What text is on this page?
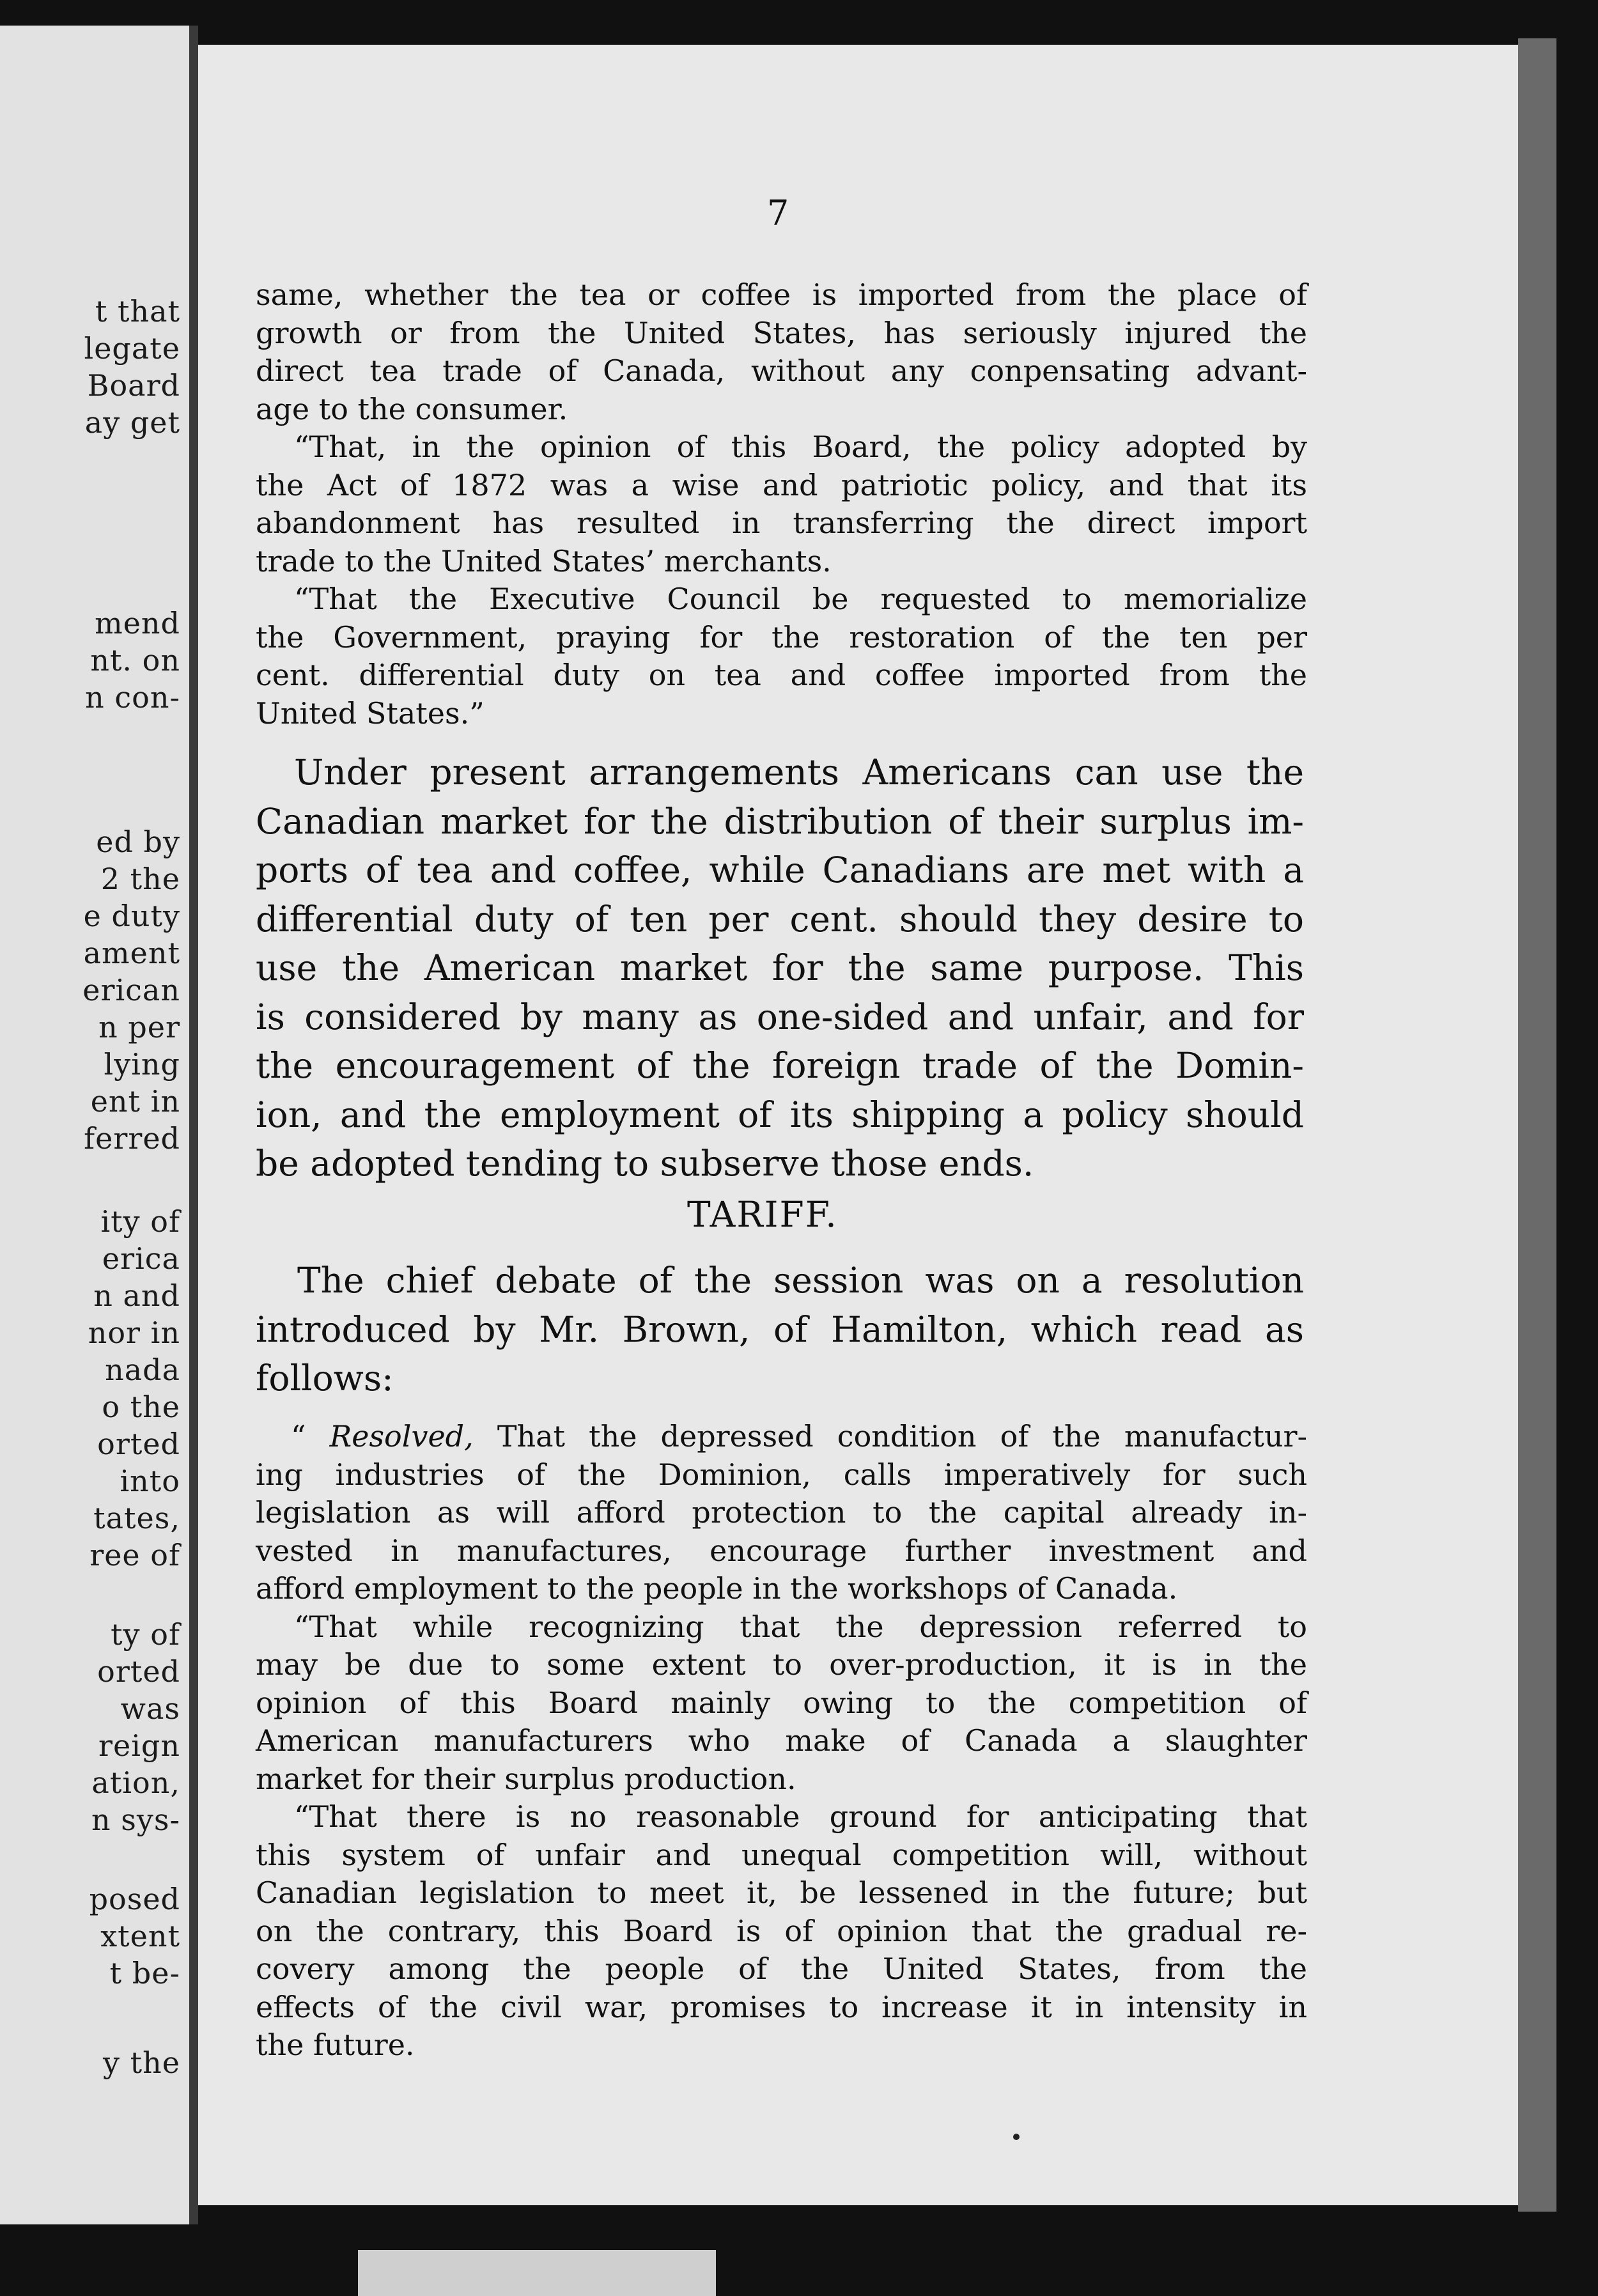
t that
legate
Board
ay get
mend
nt. on
n con-
ed by
2 the
e duty
ament
erican
n per
lying
ent in
ferred
ity of
erica
n and
nor in
nada
o the
orted
into
tates,
ree of
ty of
orted
was
reign
ation,
n sys-
posed
xtent
t be-
y the
7
same, whether the tea or coffee is imported from the place of
growth or from the United States, has seriously injured the
direct tea trade of Canada, without any conpensating advant-
age to the consumer.
“That, in the opinion of this Board, the policy adopted by
the Act of 1872 was a wise and patriotic policy, and that its
abandonment has resulted in transferring the direct import
trade to the United States’ merchants.
“That the Executive Council be requested to memorialize
the Government, praying for the restoration of the ten per
cent. differential duty on tea and coffee imported from the
United States.”
Under present arrangements Americans can use the
Canadian market for the distribution of their surplus im-
ports of tea and coffee, while Canadians are met with a
differential duty of ten per cent. should they desire to
use the American market for the same purpose. This
is considered by many as one-sided and unfair, and for
the encouragement of the foreign trade of the Domin-
ion, and the employment of its shipping a policy should
be adopted tending to subserve those ends.
TARIFF.
The chief debate of the session was on a resolution
introduced by Mr. Brown, of Hamilton, which read as
follows:
“ Resolved, That the depressed condition of the manufactur-
ing industries of the Dominion, calls imperatively for such
legislation as will afford protection to the capital already in-
vested in manufactures, encourage further investment and
afford employment to the people in the workshops of Canada.
“That while recognizing that the depression referred to
may be due to some extent to over-production, it is in the
opinion of this Board mainly owing to the competition of
American manufacturers who make of Canada a slaughter
market for their surplus production.
“That there is no reasonable ground for anticipating that
this system of unfair and unequal competition will, without
Canadian legislation to meet it, be lessened in the future; but
on the contrary, this Board is of opinion that the gradual re-
covery among the people of the United States, from the
effects of the civil war, promises to increase it in intensity in
the future.
